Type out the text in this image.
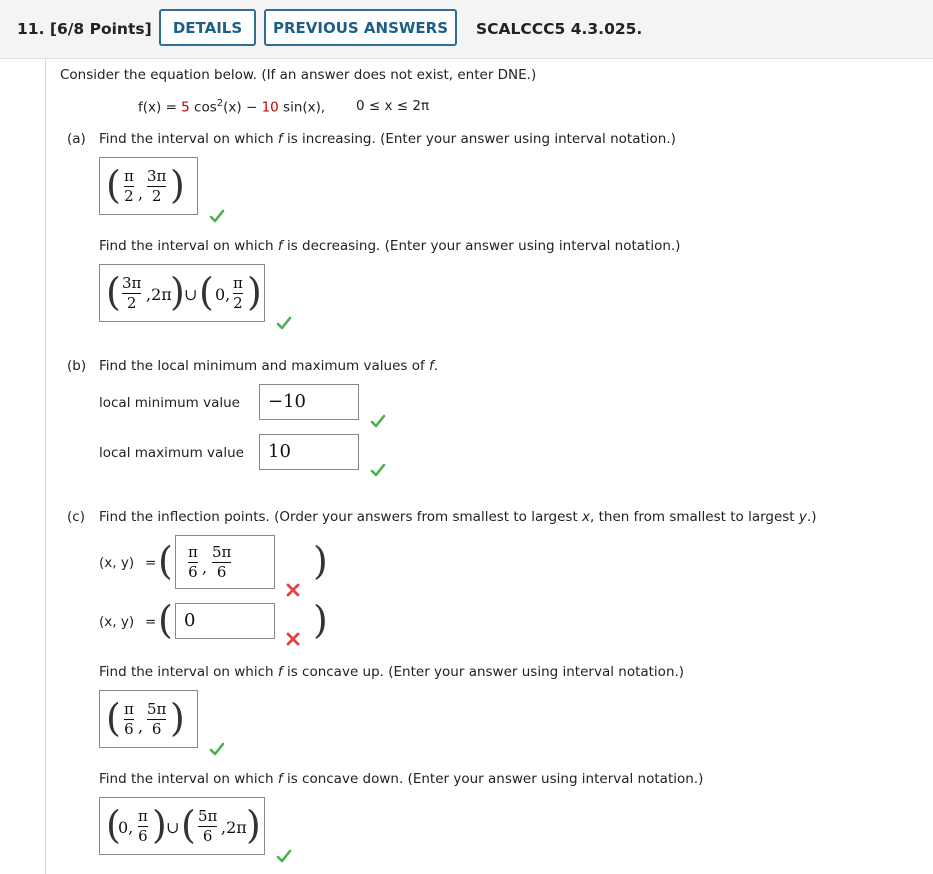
11. [6/8 Points]	DETAILS	PREVIOUS ANSWERS	SCALCCC5 4.3.025.
Consider the equation below. (If an answer does not exist, enter DNE.)
f(x) = 5 $\cos^2(x) - 10$ sin(x), 0 ≤ x ≤ 2π
(a) Find the interval on which f is increasing. (Enter your answer using interval notation.)
( π
2 ,
3π
2 )
Find the interval on which f is decreasing. (Enter your answer using interval notation.)
( 3π
2 ,2π
) ∪ ( 0,
π
2 )
(b) Find the local minimum and maximum values of f.
local minimum value −10
local maximum value 10
(c) Find the inflection points. (Order your answers from smallest to largest x, then from smallest to largest y.)
(x, y) = ( π
6 ,
5π
6 )
(x, y) = ( 0	)
Find the interval on which f is concave up. (Enter your answer using interval notation.)
( π
6 ,
5π
6 )
Find the interval on which f is concave down. (Enter your answer using interval notation.)
(
0,
π
6 ) ∪ ( 5π
6 ,2π )
